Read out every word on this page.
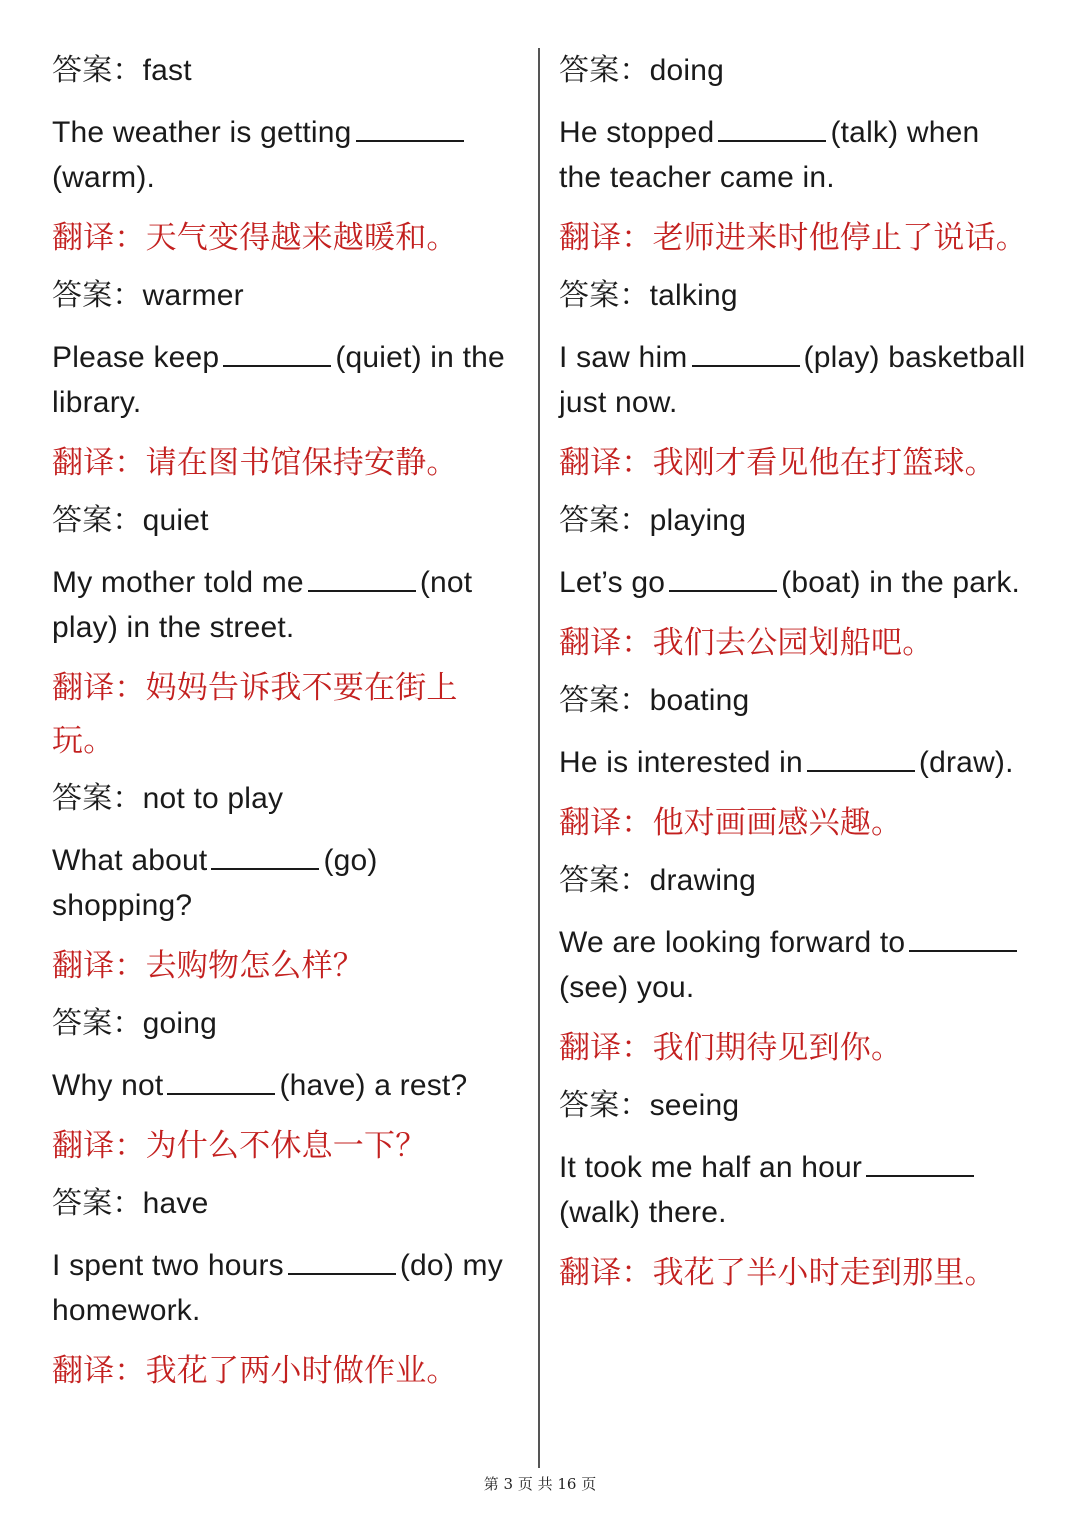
答案：fast

The weather is getting(warm).

翻译：天气变得越来越暖和。

答案：warmer

Please keep	(quiet) in the library.

翻译：请在图书馆保持安静。

答案：quiet

My mother told me	(not play) in the street.

翻译：妈妈告诉我不要在街上玩。

答案：not to play

What about	(go) shopping?

翻译：去购物怎么样？

答案：going

Why not	(have) a rest?

翻译：为什么不休息一下？

答案：have

I spent two hours	(do) my homework.

翻译：我花了两小时做作业。

答案：doing

He stopped	(talk) when the teacher came in.

翻译：老师进来时他停止了说话。

答案：talking

I saw him	(play) basketball just now.

翻译：我刚才看见他在打篮球。

答案：playing

Let’s go	(boat) in the park.

翻译：我们去公园划船吧。

答案：boating

He is interested in	(draw).

翻译：他对画画感兴趣。

答案：drawing

We are looking forward to(see) you.

翻译：我们期待见到你。

答案：seeing

It took me half an hour(walk) there.

翻译：我花了半小时走到那里。

第 3 页 共 16 页
